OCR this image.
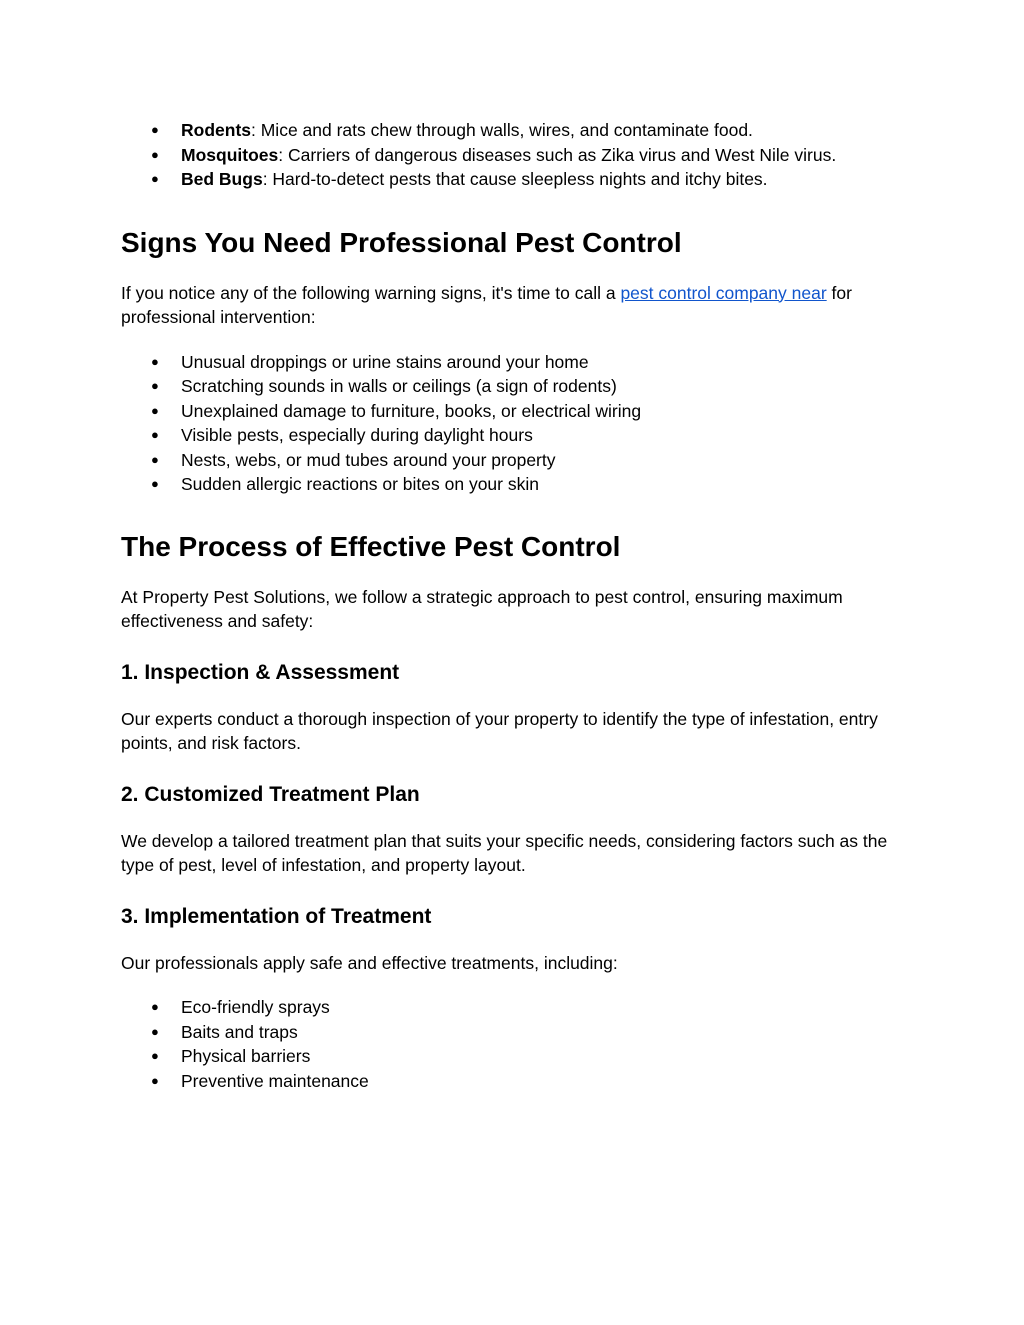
● Rodents: Mice and rats chew through walls, wires, and contaminate food.
● Mosquitoes: Carriers of dangerous diseases such as Zika virus and West Nile virus.
● Bed Bugs: Hard-to-detect pests that cause sleepless nights and itchy bites.
Signs You Need Professional Pest Control

If you notice any of the following warning signs, it's time to call a pest control company near for professional intervention:

● Unusual droppings or urine stains around your home
● Scratching sounds in walls or ceilings (a sign of rodents)
● Unexplained damage to furniture, books, or electrical wiring
● Visible pests, especially during daylight hours
● Nests, webs, or mud tubes around your property
● Sudden allergic reactions or bites on your skin
The Process of Effective Pest Control

At Property Pest Solutions, we follow a strategic approach to pest control, ensuring maximum effectiveness and safety:

1. Inspection & Assessment

Our experts conduct a thorough inspection of your property to identify the type of infestation, entry points, and risk factors.

2. Customized Treatment Plan

We develop a tailored treatment plan that suits your specific needs, considering factors such as the type of pest, level of infestation, and property layout.

3. Implementation of Treatment

Our professionals apply safe and effective treatments, including:

● Eco-friendly sprays
● Baits and traps
● Physical barriers
● Preventive maintenance
